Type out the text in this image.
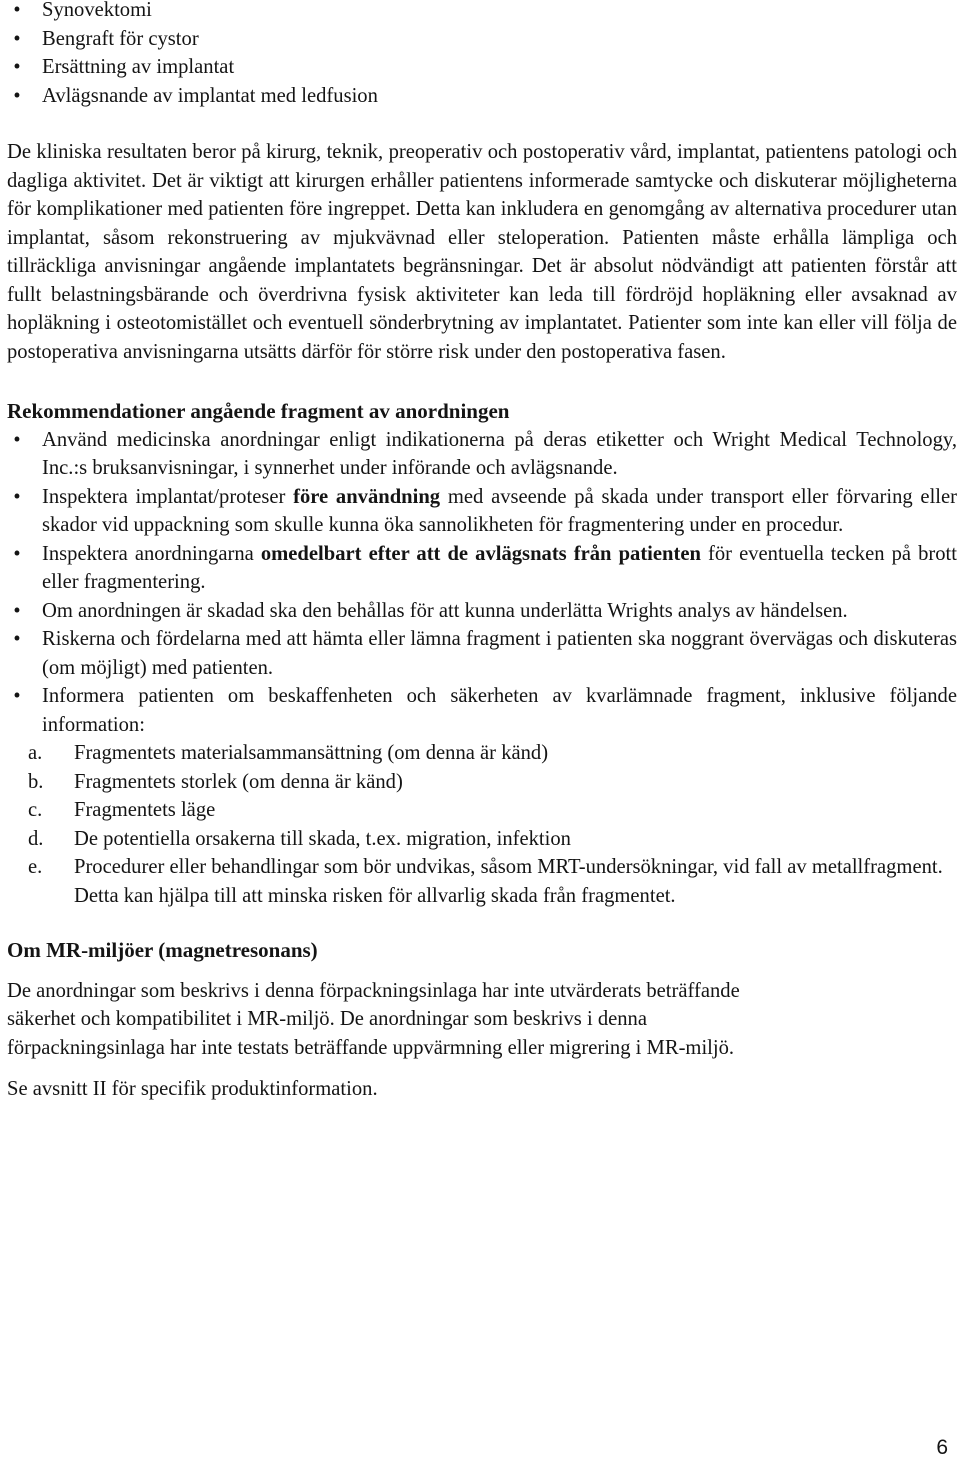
•	Synovektomi
•	Bengraft för cystor
•	Ersättning av implantat
•	Avlägsnande av implantat med ledfusion

De kliniska resultaten beror på kirurg, teknik, preoperativ och postoperativ vård, implantat, patientens patologi och dagliga aktivitet. Det är viktigt att kirurgen erhåller patientens informerade samtycke och diskuterar möjligheterna för komplikationer med patienten före ingreppet. Detta kan inkludera en genomgång av alternativa procedurer utan implantat, såsom rekonstruering av mjukvävnad eller steloperation. Patienten måste erhålla lämpliga och tillräckliga anvisningar angående implantatets begränsningar. Det är absolut nödvändigt att patienten förstår att fullt belastningsbärande och överdrivna fysisk aktiviteter kan leda till fördröjd hopläkning eller avsaknad av hopläkning i osteotomistället och eventuell sönderbrytning av implantatet. Patienter som inte kan eller vill följa de postoperativa anvisningarna utsätts därför för större risk under den postoperativa fasen.

Rekommendationer angående fragment av anordningen
•	Använd medicinska anordningar enligt indikationerna på deras etiketter och Wright Medical Technology, Inc.:s bruksanvisningar, i synnerhet under införande och avlägsnande.
•	Inspektera implantat/proteser före användning med avseende på skada under transport eller förvaring eller skador vid uppackning som skulle kunna öka sannolikheten för fragmentering under en procedur.
•	Inspektera anordningarna omedelbart efter att de avlägsnats från patienten för eventuella tecken på brott eller fragmentering.
•	Om anordningen är skadad ska den behållas för att kunna underlätta Wrights analys av händelsen.
•	Riskerna och fördelarna med att hämta eller lämna fragment i patienten ska noggrant övervägas och diskuteras (om möjligt) med patienten.
•	Informera patienten om beskaffenheten och säkerheten av kvarlämnade fragment, inklusive följande information:
a. Fragmentets materialsammansättning (om denna är känd)
b. Fragmentets storlek (om denna är känd)
c. Fragmentets läge
d. De potentiella orsakerna till skada, t.ex. migration, infektion
e. Procedurer eller behandlingar som bör undvikas, såsom MRT-undersökningar, vid fall av metallfragment. Detta kan hjälpa till att minska risken för allvarlig skada från fragmentet.
Om MR-miljöer (magnetresonans)

De anordningar som beskrivs i denna förpackningsinlaga har inte utvärderats beträffande
säkerhet och kompatibilitet i MR-miljö. De anordningar som beskrivs i denna
förpackningsinlaga har inte testats beträffande uppvärmning eller migrering i MR-miljö.

Se avsnitt II för specifik produktinformation.

6
